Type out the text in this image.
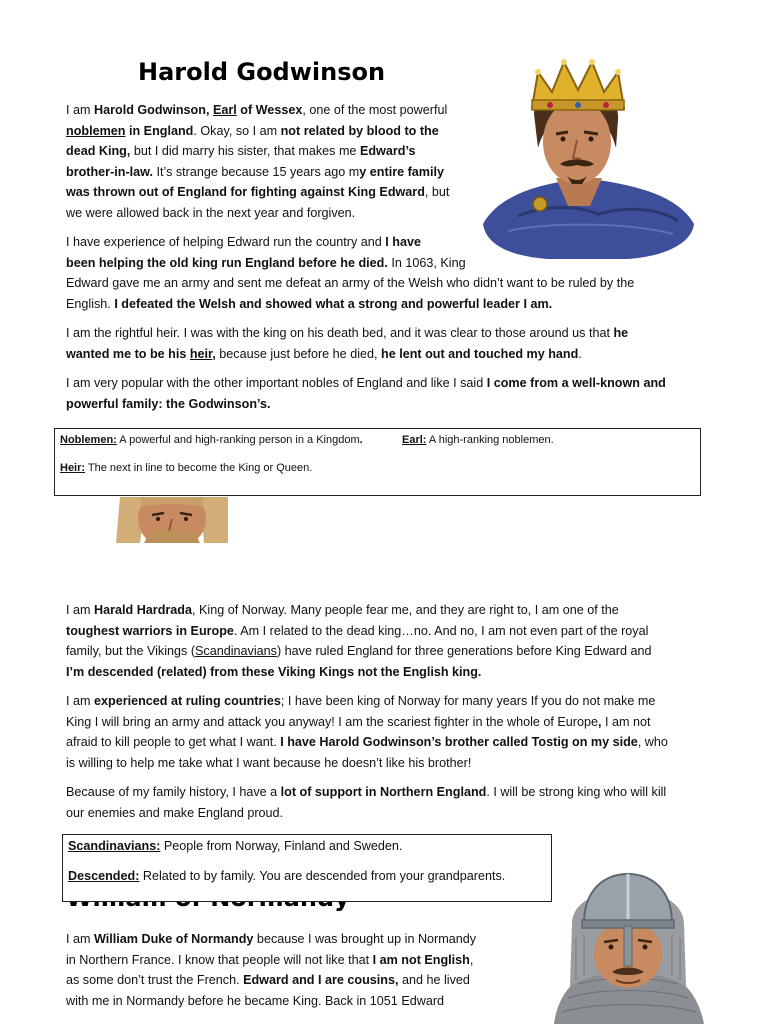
Harold Godwinson
I am Harold Godwinson, Earl of Wessex, one of the most powerful
noblemen in England. Okay, so I am not related by blood to the
dead King, but I did marry his sister, that makes me Edward’s
brother-in-law. It’s strange because 15 years ago my entire family
was thrown out of England for fighting against King Edward, but
we were allowed back in the next year and forgiven.
I have experience of helping Edward run the country and I have
been helping the old king run England before he died. In 1063, King
Edward gave me an army and sent me defeat an army of the Welsh who didn’t want to be ruled by the
English. I defeated the Welsh and showed what a strong and powerful leader I am.
I am the rightful heir. I was with the king on his death bed, and it was clear to those around us that he
wanted me to be his heir, because just before he died, he lent out and touched my hand.
I am very popular with the other important nobles of England and like I said I come from a well-known and
powerful family: the Godwinson’s.
Noblemen: A powerful and high-ranking person in a Kingdom.	Earl: A high-ranking noblemen.
Heir: The next in line to become the King or Queen.
I am Harald Hardrada, King of Norway. Many people fear me, and they are right to, I am one of the
toughest warriors in Europe. Am I related to the dead king…no. And no, I am not even part of the royal
family, but the Vikings (Scandinavians) have ruled England for three generations before King Edward and
I’m descended (related) from these Viking Kings not the English king.
I am experienced at ruling countries; I have been king of Norway for many years If you do not make me
King I will bring an army and attack you anyway! I am the scariest fighter in the whole of Europe, I am not
afraid to kill people to get what I want. I have Harold Godwinson’s brother called Tostig on my side, who
is willing to help me take what I want because he doesn’t like his brother!
Because of my family history, I have a lot of support in Northern England. I will be strong king who will kill
our enemies and make England proud.
Scandinavians: People from Norway, Finland and Sweden.
Descended: Related to by family. You are descended from your grandparents.
I am William Duke of Normandy because I was brought up in Normandy
in Northern France. I know that people will not like that I am not English,
as some don’t trust the French. Edward and I are cousins, and he lived
with me in Normandy before he became King. Back in 1051 Edward
